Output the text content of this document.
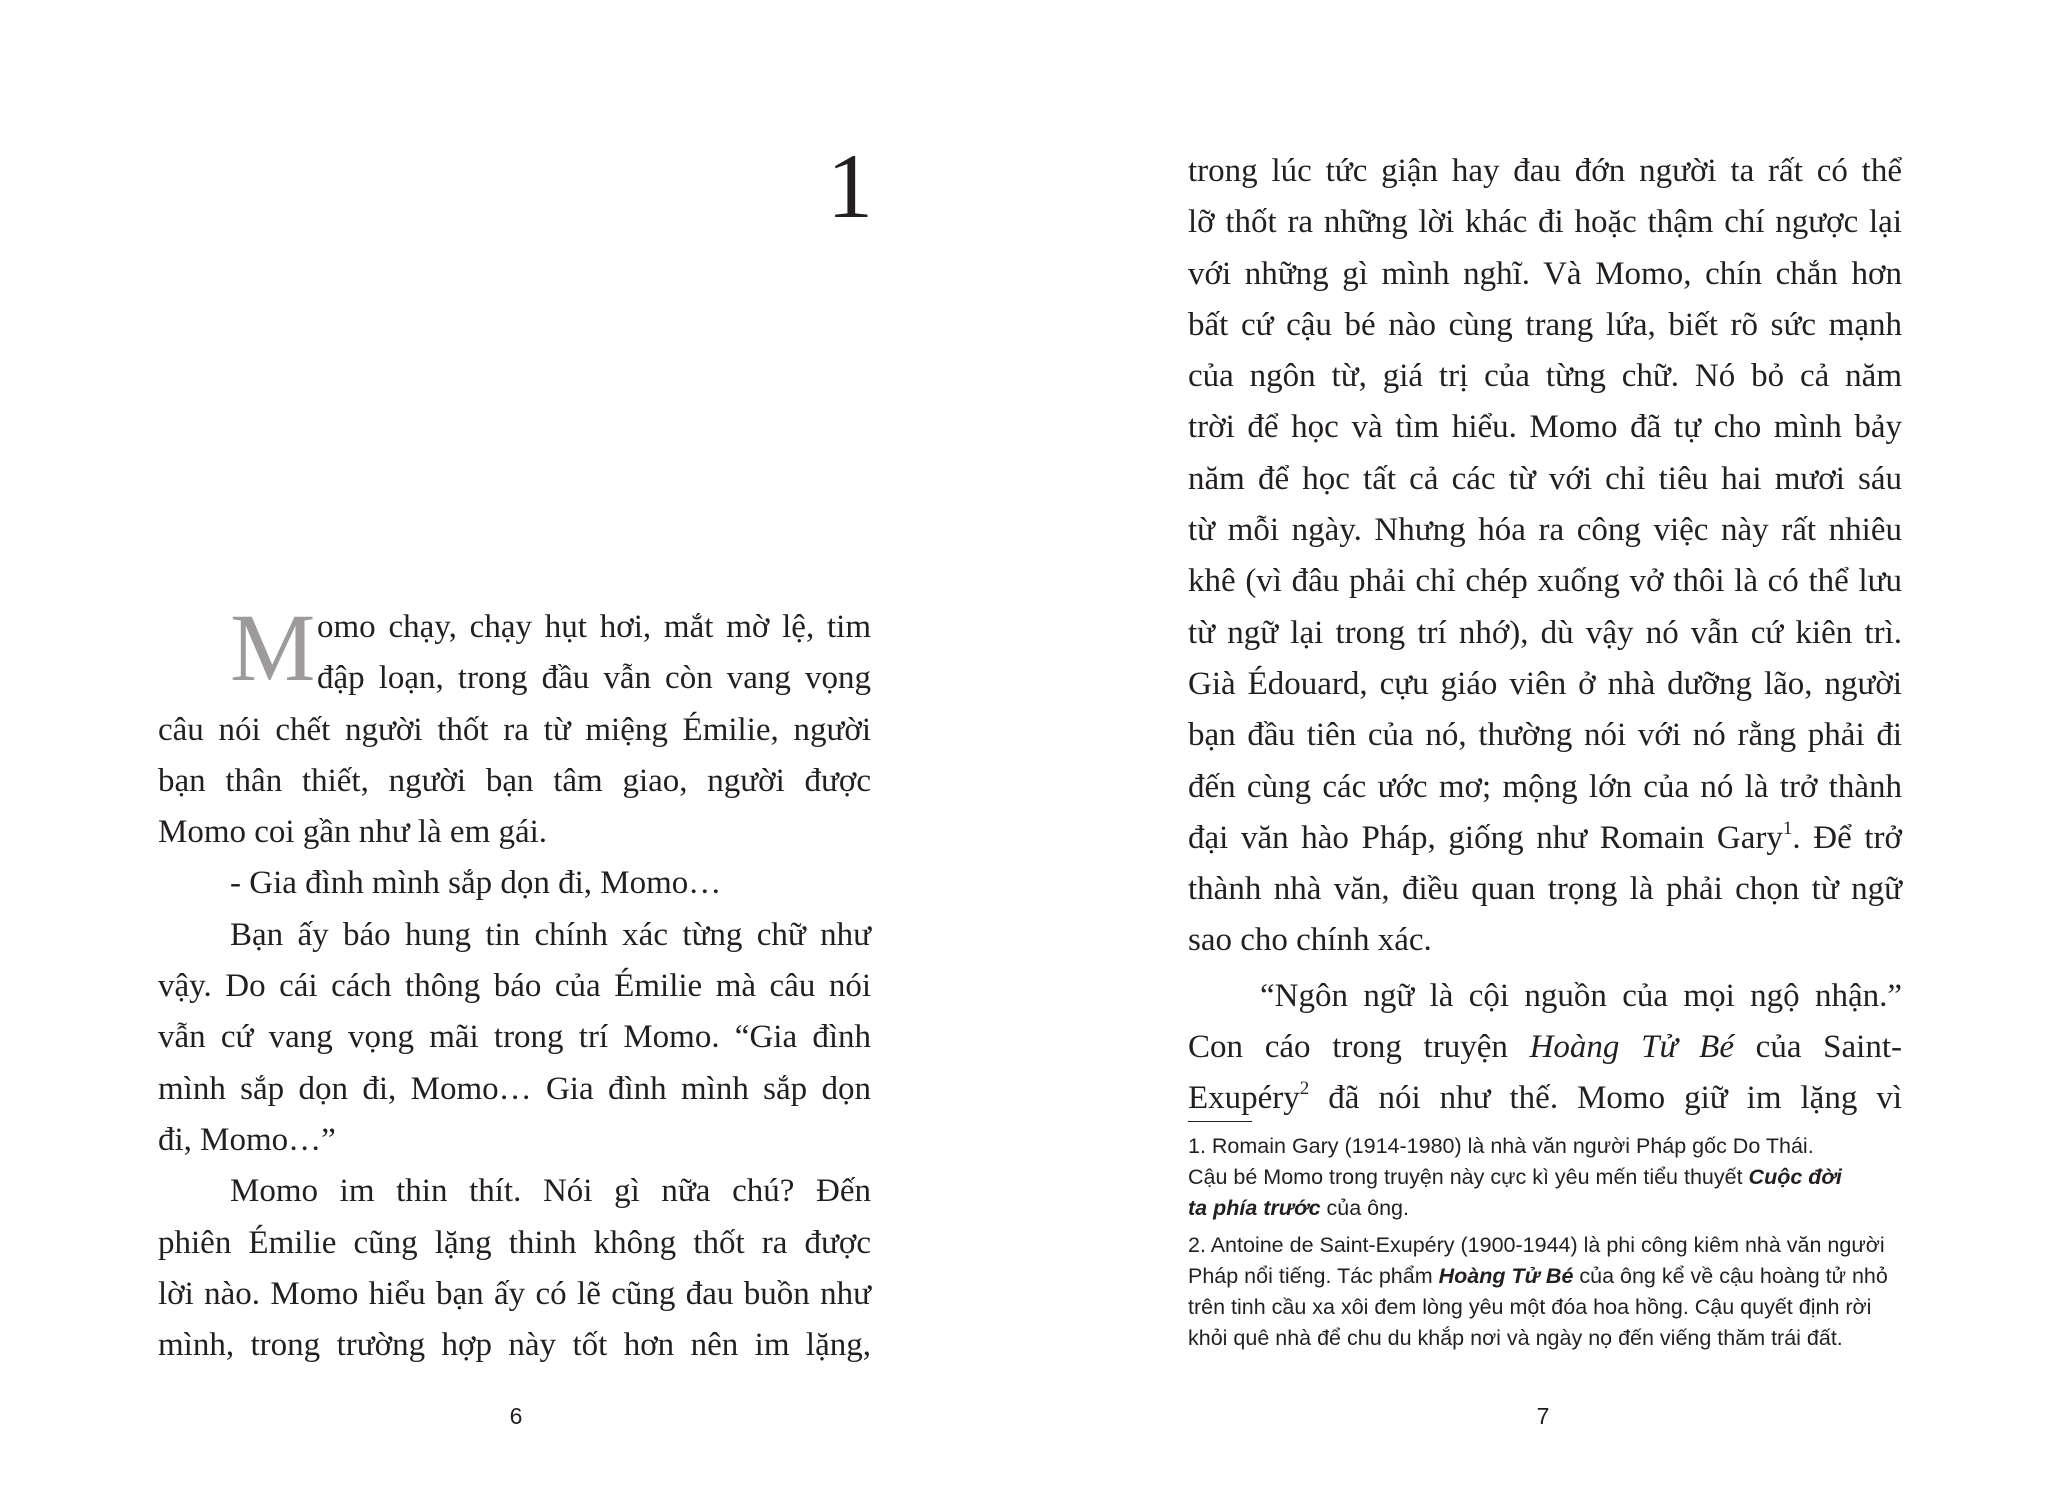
1
M omo chạy, chạy hụt hơi, mắt mờ lệ, tim
đập loạn, trong đầu vẫn còn vang vọng
câu nói chết người thốt ra từ miệng Émilie, người
bạn thân thiết, người bạn tâm giao, người được
Momo coi gần như là em gái.
- Gia đình mình sắp dọn đi, Momo…
Bạn ấy báo hung tin chính xác từng chữ như
vậy. Do cái cách thông báo của Émilie mà câu nói
vẫn cứ vang vọng mãi trong trí Momo. “Gia đình
mình sắp dọn đi, Momo… Gia đình mình sắp dọn
đi, Momo…”
Momo im thin thít. Nói gì nữa chú? Đến
phiên Émilie cũng lặng thinh không thốt ra được
lời nào. Momo hiểu bạn ấy có lẽ cũng đau buồn như
mình, trong trường hợp này tốt hơn nên im lặng,
6
trong lúc tức giận hay đau đớn người ta rất có thể
lỡ thốt ra những lời khác đi hoặc thậm chí ngược lại
với những gì mình nghĩ. Và Momo, chín chắn hơn
bất cứ cậu bé nào cùng trang lứa, biết rõ sức mạnh
của ngôn từ, giá trị của từng chữ. Nó bỏ cả năm
trời để học và tìm hiểu. Momo đã tự cho mình bảy
năm để học tất cả các từ với chỉ tiêu hai mươi sáu
từ mỗi ngày. Nhưng hóa ra công việc này rất nhiêu
khê (vì đâu phải chỉ chép xuống vở thôi là có thể lưu
từ ngữ lại trong trí nhớ), dù vậy nó vẫn cứ kiên trì.
Già Édouard, cựu giáo viên ở nhà dưỡng lão, người
bạn đầu tiên của nó, thường nói với nó rằng phải đi
đến cùng các ước mơ; mộng lớn của nó là trở thành
đại văn hào Pháp, giống như Romain Gary$^1$. Để trở
thành nhà văn, điều quan trọng là phải chọn từ ngữ
sao cho chính xác.
“Ngôn ngữ là cội nguồn của mọi ngộ nhận.”
Con cáo trong truyện Hoàng Tử Bé của Saint-
Exupéry$^2$ đã nói như thế. Momo giữ im lặng vì
1. Romain Gary (1914-1980) là nhà văn người Pháp gốc Do Thái.
Cậu bé Momo trong truyện này cực kì yêu mến tiểu thuyết Cuộc đời
ta phía trước của ông.
2. Antoine de Saint-Exupéry (1900-1944) là phi công kiêm nhà văn người
Pháp nổi tiếng. Tác phẩm Hoàng Tử Bé của ông kể về cậu hoàng tử nhỏ
trên tinh cầu xa xôi đem lòng yêu một đóa hoa hồng. Cậu quyết định rời
khỏi quê nhà để chu du khắp nơi và ngày nọ đến viếng thăm trái đất.
7
